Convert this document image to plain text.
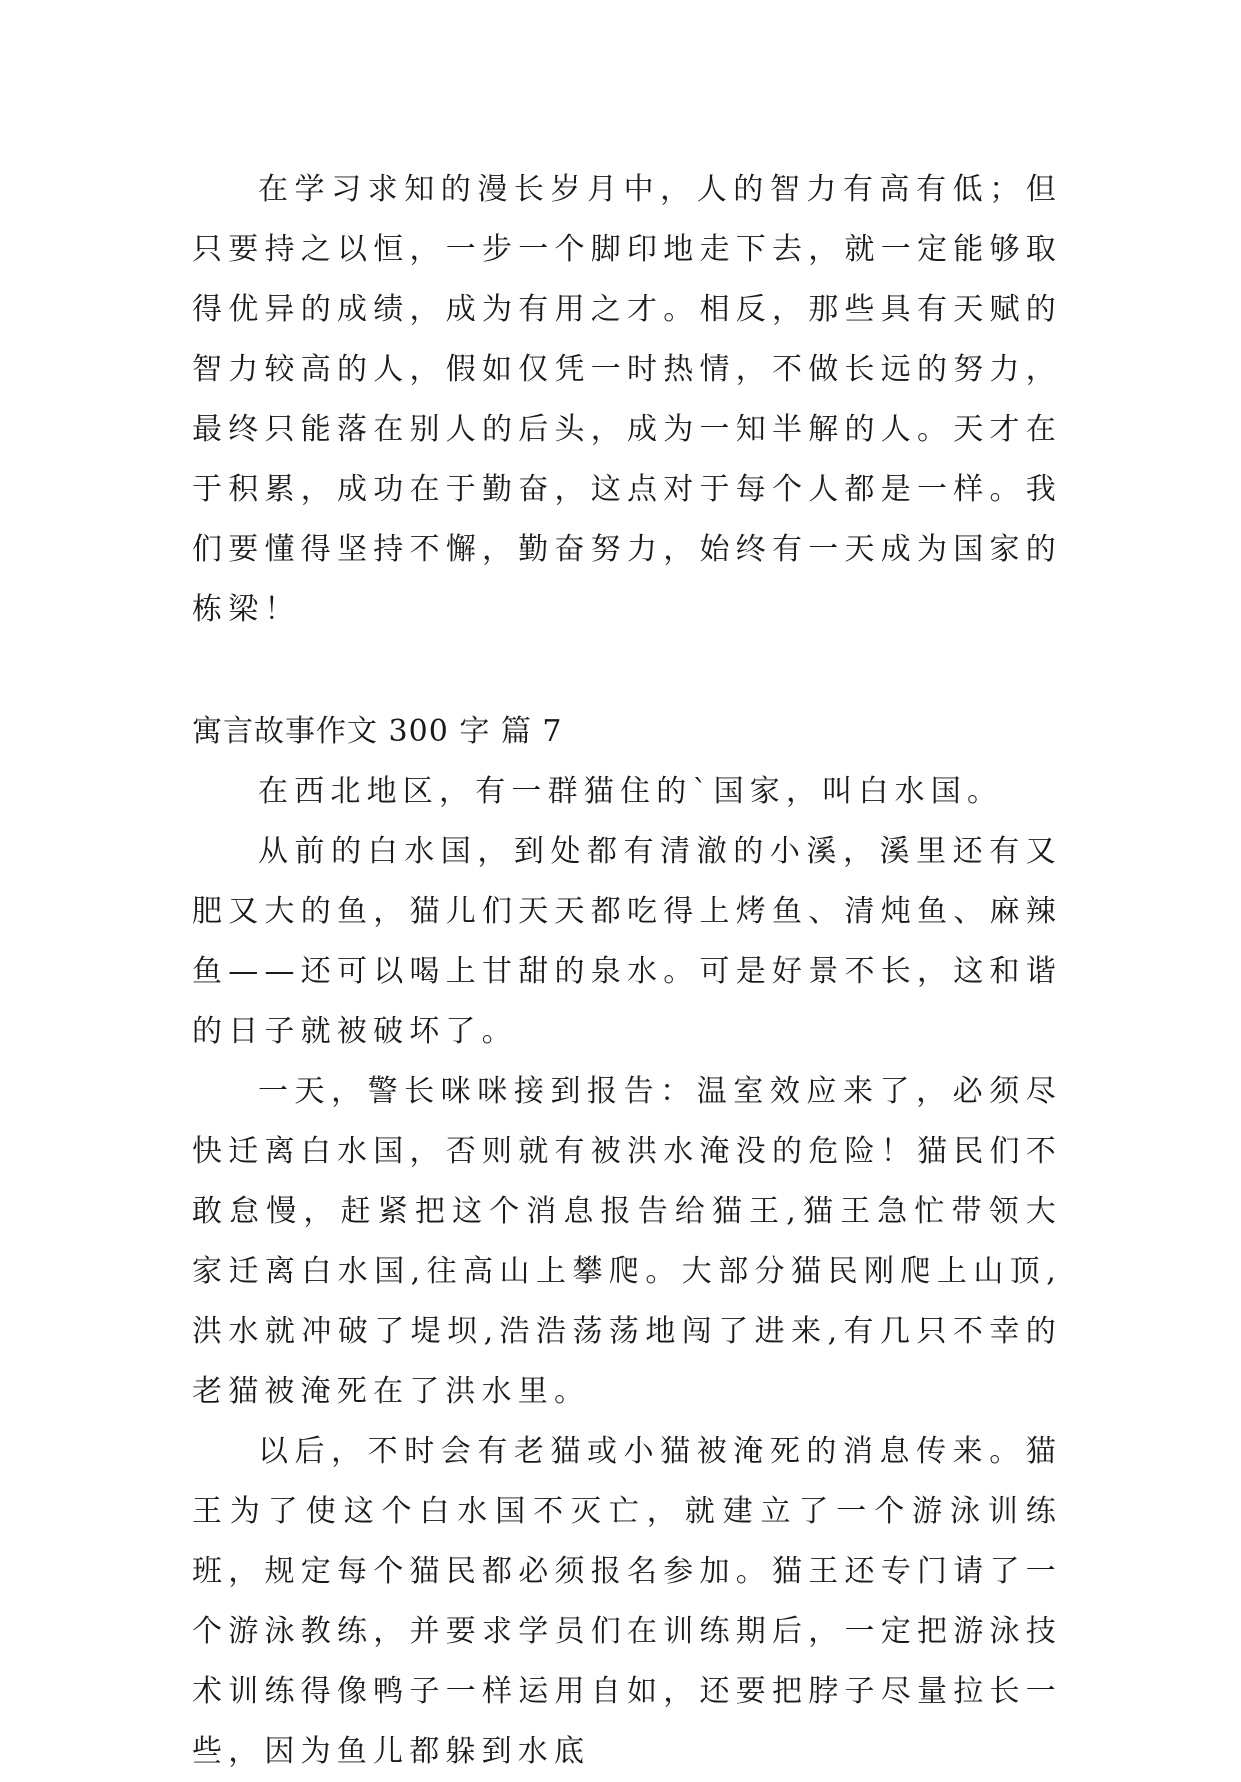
在学习求知的漫长岁月中，人的智力有高有低；但只要持之以恒，一步一个脚印地走下去，就一定能够取得优异的成绩，成为有用之才。相反，那些具有天赋的智力较高的人，假如仅凭一时热情，不做长远的努力，最终只能落在别人的后头，成为一知半解的人。天才在于积累，成功在于勤奋，这点对于每个人都是一样。我们要懂得坚持不懈，勤奋努力，始终有一天成为国家的栋梁！

寓言故事作文 300 字 篇 7

在西北地区，有一群猫住的`国家，叫白水国。

从前的白水国，到处都有清澈的小溪，溪里还有又肥又大的鱼，猫儿们天天都吃得上烤鱼、清炖鱼、麻辣鱼——还可以喝上甘甜的泉水。可是好景不长，这和谐的日子就被破坏了。

一天，警长咪咪接到报告：温室效应来了，必须尽快迁离白水国，否则就有被洪水淹没的危险！猫民们不敢怠慢，赶紧把这个消息报告给猫王,猫王急忙带领大家迁离白水国,往高山上攀爬。大部分猫民刚爬上山顶,洪水就冲破了堤坝,浩浩荡荡地闯了进来,有几只不幸的老猫被淹死在了洪水里。

以后，不时会有老猫或小猫被淹死的消息传来。猫王为了使这个白水国不灭亡，就建立了一个游泳训练班，规定每个猫民都必须报名参加。猫王还专门请了一个游泳教练，并要求学员们在训练期后，一定把游泳技术训练得像鸭子一样运用自如，还要把脖子尽量拉长一些，因为鱼儿都躲到水底
